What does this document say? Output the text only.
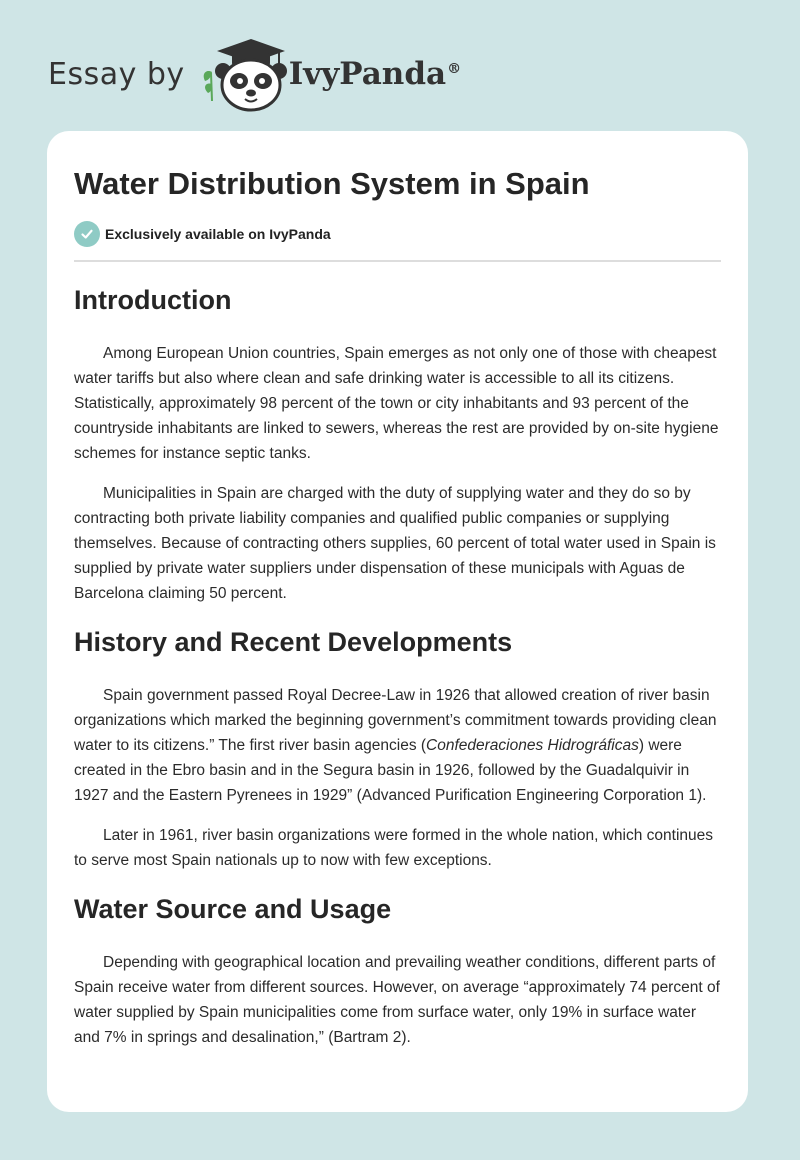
Essay by	IvyPanda®
Water Distribution System in Spain
Exclusively available on IvyPanda
Introduction

Among European Union countries, Spain emerges as not only one of those with cheapest water tariffs but also where clean and safe drinking water is accessible to all its citizens. Statistically, approximately 98 percent of the town or city inhabitants and 93 percent of the countryside inhabitants are linked to sewers, whereas the rest are provided by on-site hygiene schemes for instance septic tanks.

Municipalities in Spain are charged with the duty of supplying water and they do so by contracting both private liability companies and qualified public companies or supplying themselves. Because of contracting others supplies, 60 percent of total water used in Spain is supplied by private water suppliers under dispensation of these municipals with Aguas de Barcelona claiming 50 percent.

History and Recent Developments

Spain government passed Royal Decree-Law in 1926 that allowed creation of river basin organizations which marked the beginning government’s commitment towards providing clean water to its citizens.” The first river basin agencies (Confederaciones Hidrográficas) were created in the Ebro basin and in the Segura basin in 1926, followed by the Guadalquivir in 1927 and the Eastern Pyrenees in 1929” (Advanced Purification Engineering Corporation 1).

Later in 1961, river basin organizations were formed in the whole nation, which continues to serve most Spain nationals up to now with few exceptions.

Water Source and Usage

Depending with geographical location and prevailing weather conditions, different parts of Spain receive water from different sources. However, on average “approximately 74 percent of water supplied by Spain municipalities come from surface water, only 19% in surface water and 7% in springs and desalination,” (Bartram 2).
